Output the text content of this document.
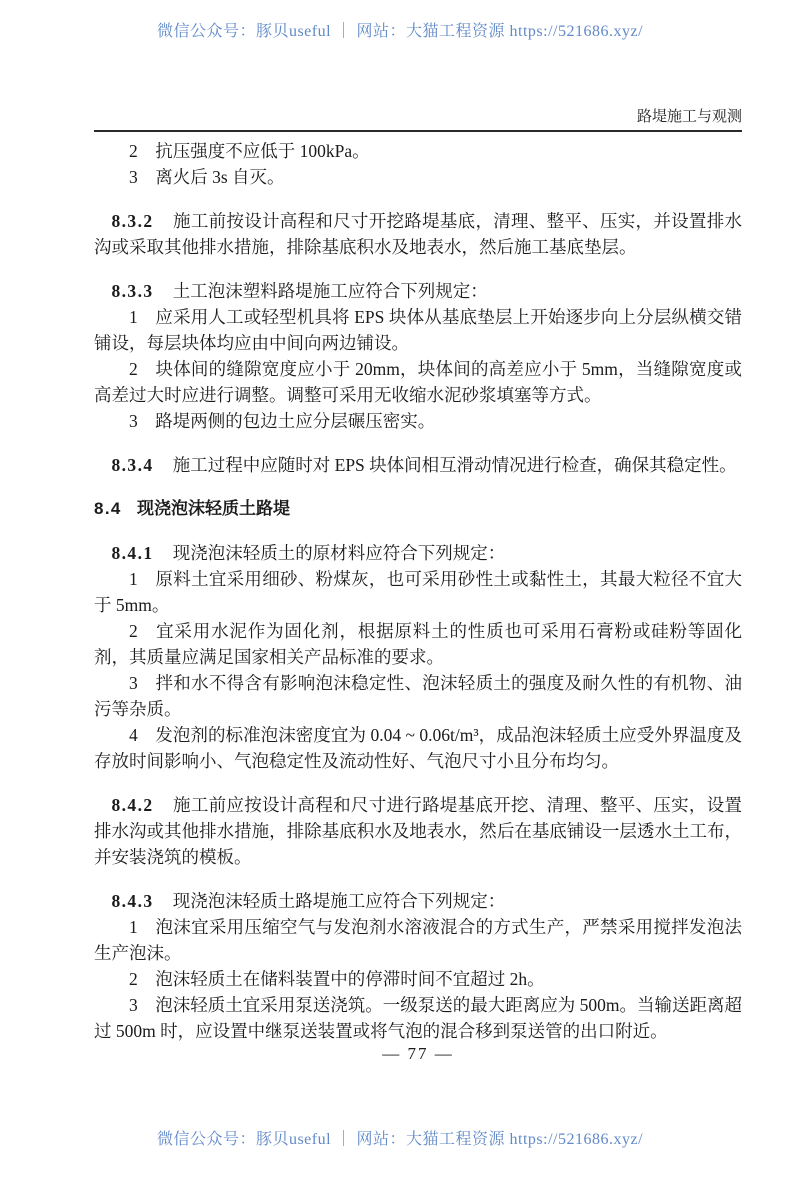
微信公众号：豚贝useful ｜ 网站：大猫工程资源 https://521686.xyz/
路堤施工与观测
2 抗压强度不应低于 100kPa。
3 离火后 3s 自灭。
8.3.2 施工前按设计高程和尺寸开挖路堤基底，清理、整平、压实，并设置排水沟或采取其他排水措施，排除基底积水及地表水，然后施工基底垫层。
8.3.3 土工泡沫塑料路堤施工应符合下列规定：
1 应采用人工或轻型机具将 EPS 块体从基底垫层上开始逐步向上分层纵横交错铺设，每层块体均应由中间向两边铺设。
2 块体间的缝隙宽度应小于 20mm，块体间的高差应小于 5mm，当缝隙宽度或高差过大时应进行调整。调整可采用无收缩水泥砂浆填塞等方式。
3 路堤两侧的包边土应分层碾压密实。
8.3.4 施工过程中应随时对 EPS 块体间相互滑动情况进行检查，确保其稳定性。
8.4 现浇泡沫轻质土路堤
8.4.1 现浇泡沫轻质土的原材料应符合下列规定：
1 原料土宜采用细砂、粉煤灰，也可采用砂性土或黏性土，其最大粒径不宜大于 5mm。
2 宜采用水泥作为固化剂，根据原料土的性质也可采用石膏粉或硅粉等固化剂，其质量应满足国家相关产品标准的要求。
3 拌和水不得含有影响泡沫稳定性、泡沫轻质土的强度及耐久性的有机物、油污等杂质。
4 发泡剂的标准泡沫密度宜为 0.04 ~ 0.06t/m³，成品泡沫轻质土应受外界温度及存放时间影响小、气泡稳定性及流动性好、气泡尺寸小且分布均匀。
8.4.2 施工前应按设计高程和尺寸进行路堤基底开挖、清理、整平、压实，设置排水沟或其他排水措施，排除基底积水及地表水，然后在基底铺设一层透水土工布，并安装浇筑的模板。
8.4.3 现浇泡沫轻质土路堤施工应符合下列规定：
1 泡沫宜采用压缩空气与发泡剂水溶液混合的方式生产，严禁采用搅拌发泡法生产泡沫。
2 泡沫轻质土在储料装置中的停滞时间不宜超过 2h。
3 泡沫轻质土宜采用泵送浇筑。一级泵送的最大距离应为 500m。当输送距离超过 500m 时，应设置中继泵送装置或将气泡的混合移到泵送管的出口附近。
— 77 —
微信公众号：豚贝useful ｜ 网站：大猫工程资源 https://521686.xyz/
